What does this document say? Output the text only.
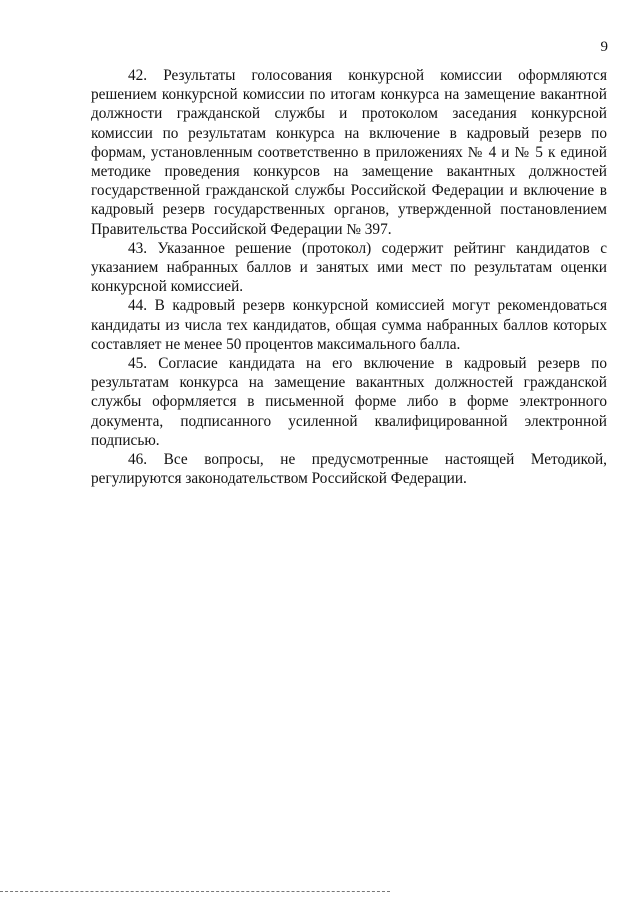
9

42. Результаты голосования конкурсной комиссии оформляются решением конкурсной комиссии по итогам конкурса на замещение вакантной должности гражданской службы и протоколом заседания конкурсной комиссии по результатам конкурса на включение в кадровый резерв по формам, установленным соответственно в приложениях № 4 и № 5 к единой методике проведения конкурсов на замещение вакантных должностей государственной гражданской службы Российской Федерации и включение в кадровый резерв государственных органов, утвержденной постановлением Правительства Российской Федерации № 397.

43. Указанное решение (протокол) содержит рейтинг кандидатов с указанием набранных баллов и занятых ими мест по результатам оценки конкурсной комиссией.

44. В кадровый резерв конкурсной комиссией могут рекомендоваться кандидаты из числа тех кандидатов, общая сумма набранных баллов которых составляет не менее 50 процентов максимального балла.

45. Согласие кандидата на его включение в кадровый резерв по результатам конкурса на замещение вакантных должностей гражданской службы оформляется в письменной форме либо в форме электронного документа, подписанного усиленной квалифицированной электронной подписью.

46. Все вопросы, не предусмотренные настоящей Методикой, регулируются законодательством Российской Федерации.
